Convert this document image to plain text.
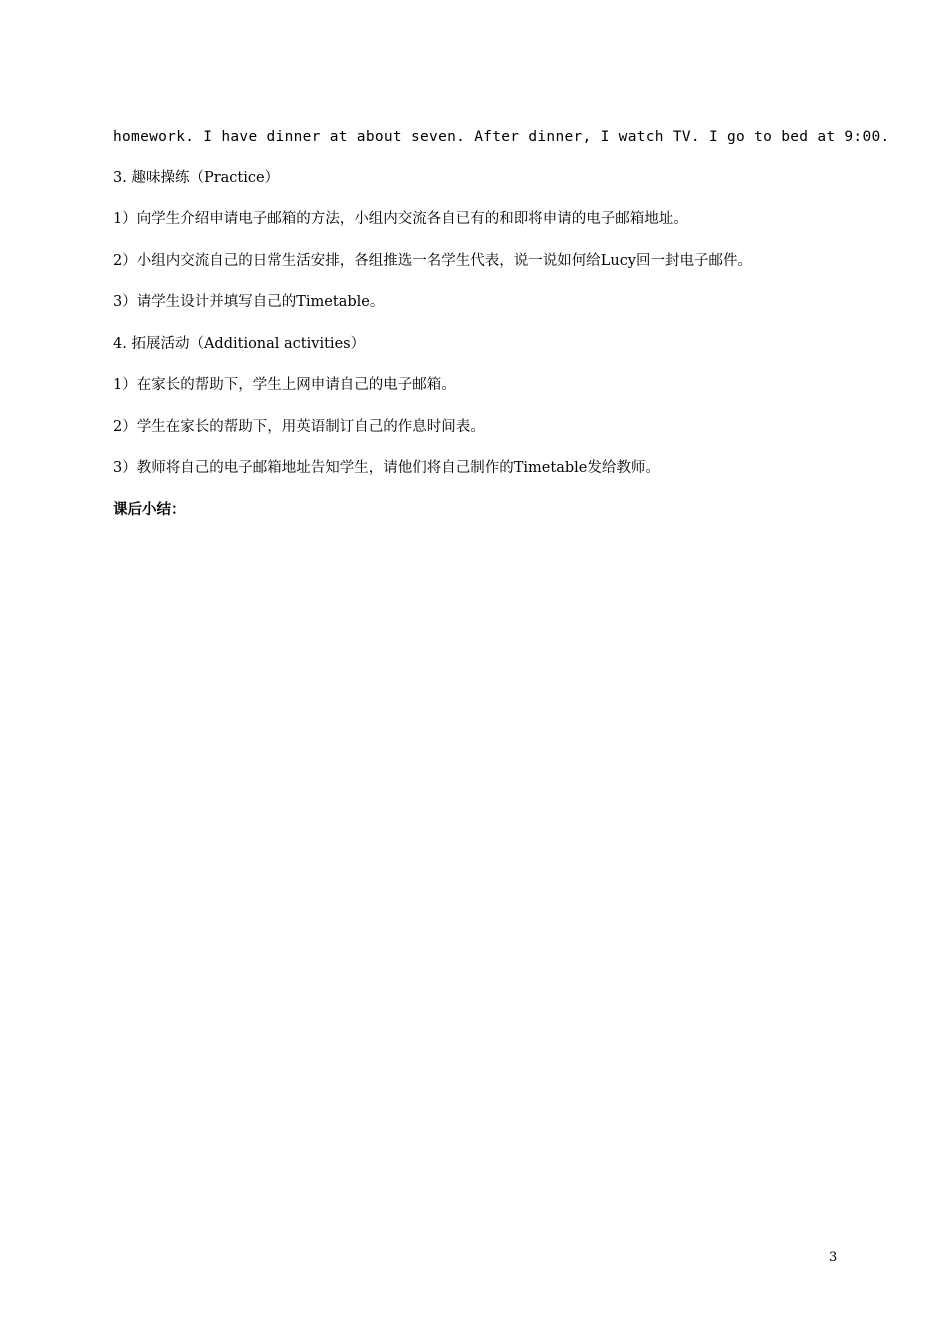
homework. I have dinner at about seven. After dinner, I watch TV. I go to bed at 9:00.
3. 趣味操练（Practice）
1）向学生介绍申请电子邮箱的方法，小组内交流各自已有的和即将申请的电子邮箱地址。
2）小组内交流自己的日常生活安排，各组推选一名学生代表，说一说如何给Lucy回一封电子邮件。
3）请学生设计并填写自己的Timetable。
4. 拓展活动（Additional activities）
1）在家长的帮助下，学生上网申请自己的电子邮箱。
2）学生在家长的帮助下，用英语制订自己的作息时间表。
3）教师将自己的电子邮箱地址告知学生，请他们将自己制作的Timetable发给教师。
课后小结：
3
